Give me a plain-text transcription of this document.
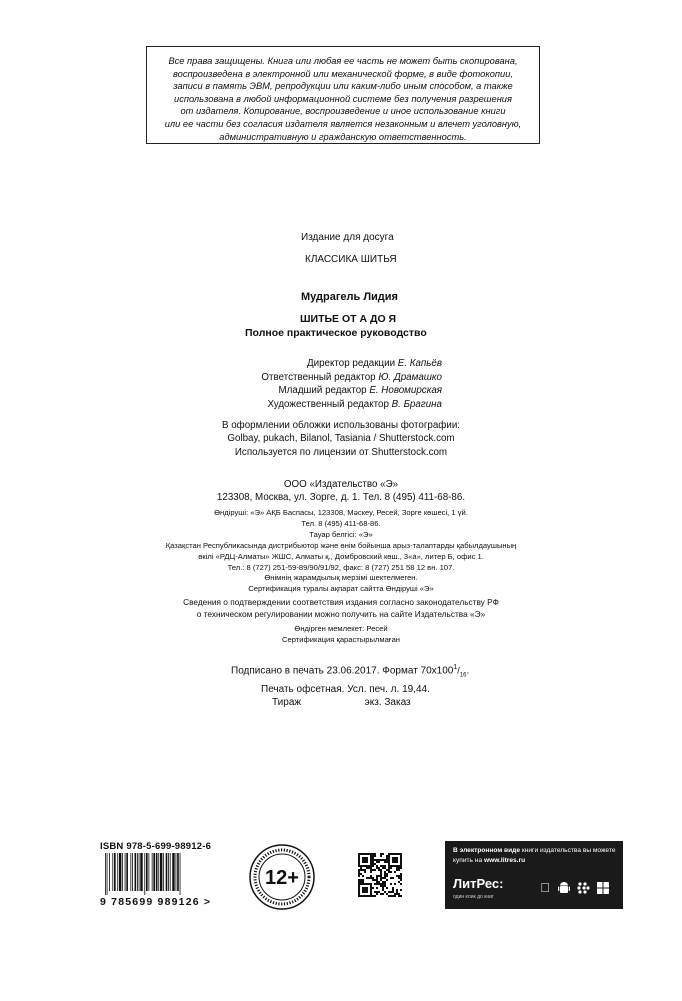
Все права защищены. Книга или любая ее часть не может быть скопирована,

воспроизведена в электронной или механической форме, в виде фотокопии,

записи в память ЭВМ, репродукции или каким-либо иным способом, а также

использована в любой информационной системе без получения разрешения

от издателя. Копирование, воспроизведение и иное использование книги

или ее части без согласия издателя является незаконным и влечет уголовную,

административную и гражданскую ответственность.

Издание для досуга
КЛАССИКА ШИТЬЯ
Мудрагель Лидия
ШИТЬЕ ОТ А ДО Я
Полное практическое руководство
Директор редакции Е. Капьёв
Ответственный редактор Ю. Драмашко
Младший редактор Е. Новомирская
Художественный редактор В. Брагина
В оформлении обложки использованы фотографии:
Golbay, pukach, Bilanol, Tasiania / Shutterstock.com
Используется по лицензии от Shutterstock.com
ООО «Издательство «Э»
123308, Москва, ул. Зорге, д. 1. Тел. 8 (495) 411-68-86.
Өндіруші: «Э» АҚБ Баспасы, 123308, Мәскеу, Ресей, Зорге көшесі, 1 үй.
Тел. 8 (495) 411-68-86.
Тауар белгісі: «Э»
Қазақстан Республикасында дистрибьютор және өнім бойынша арыз-талаптарды қабылдаушының
өкілі «РДЦ-Алматы» ЖШС, Алматы қ., Домбровский көш., 3«а», литер Б, офис 1.
Тел.: 8 (727) 251-59-89/90/91/92, факс: 8 (727) 251 58 12 вн. 107.
Өнімнің жарамдылық мерзімі шектелмеген.
Сертификация туралы ақпарат сайтта Өндіруші «Э»
Сведения о подтверждении соответствия издания согласно законодательству РФ
о техническом регулировании можно получить на сайте Издательства «Э»
Өндірген мемлекет: Ресей
Сертификация қарастырылмаған
Подписано в печать 23.06.2017. Формат $70х100^1/_{16}$.
Печать офсетная. Усл. печ. л. 19,44.
Тираж	экз. Заказ
ISBN 978-5-699-98912-6
9 785699 989126 >
12+
В электронном виде книги издательства вы можете
купить на www.litres.ru
ЛитРес:
один клик до книг
